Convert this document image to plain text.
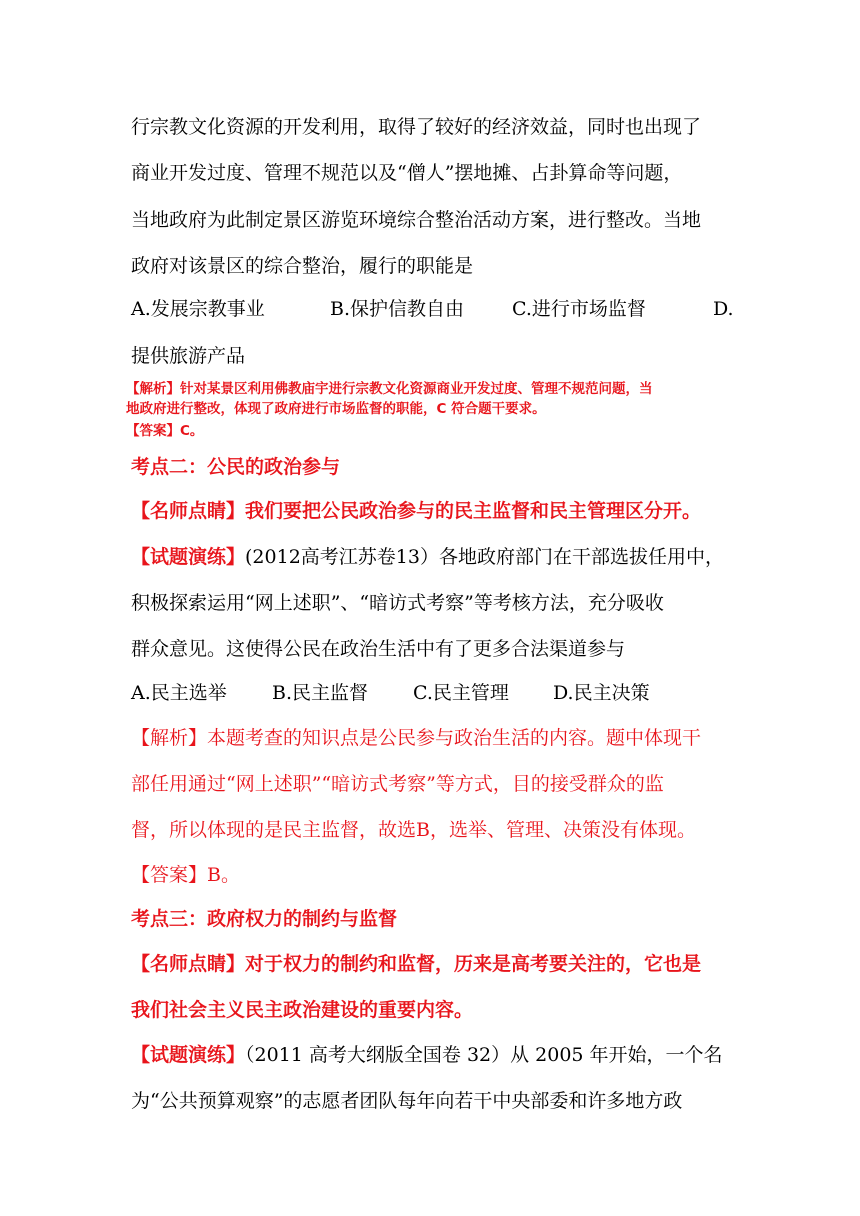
行宗教文化资源的开发利用，取得了较好的经济效益，同时也出现了
商业开发过度、管理不规范以及“僧人”摆地摊、占卦算命等问题，
当地政府为此制定景区游览环境综合整治活动方案，进行整改。当地
政府对该景区的综合整治，履行的职能是
A.发展宗教事业	B.保护信教自由	C.进行市场监督	D.
提供旅游产品
【解析】针对某景区利用佛教庙宇进行宗教文化资源商业开发过度、管理不规范问题，当
地政府进行整改，体现了政府进行市场监督的职能，C 符合题干要求。
【答案】C。
考点二：公民的政治参与
【名师点睛】我们要把公民政治参与的民主监督和民主管理区分开。
【试题演练】(2012高考江苏卷13）各地政府部门在干部选拔任用中，
积极探索运用“网上述职”、“暗访式考察”等考核方法，充分吸收
群众意见。这使得公民在政治生活中有了更多合法渠道参与
A.民主选举 B.民主监督 C.民主管理 D.民主决策
【解析】本题考查的知识点是公民参与政治生活的内容。题中体现干
部任用通过“网上述职”“暗访式考察”等方式，目的接受群众的监
督，所以体现的是民主监督，故选B，选举、管理、决策没有体现。
【答案】B。
考点三：政府权力的制约与监督
【名师点睛】对于权力的制约和监督，历来是高考要关注的，它也是
我们社会主义民主政治建设的重要内容。
【试题演练】（2011 高考大纲版全国卷 32）从 2005 年开始，一个名
为“公共预算观察”的志愿者团队每年向若干中央部委和许多地方政
